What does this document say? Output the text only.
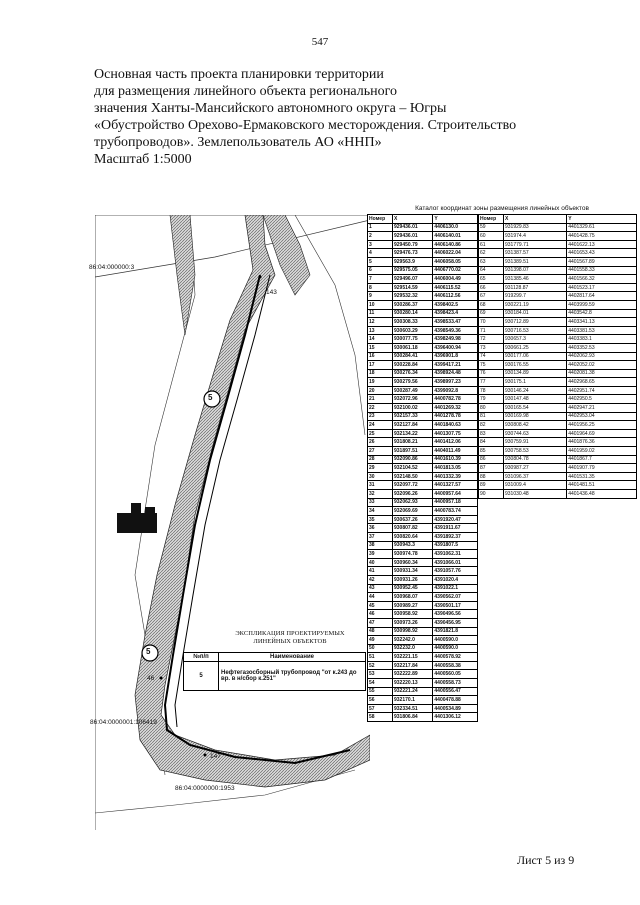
547
Основная часть проекта планировки территории
для размещения линейного объекта регионального
значения Ханты-Мансийского автономного округа – Югры
«Обустройство Орехово-Ермаковского месторождения. Строительство
трубопроводов». Землепользователь АО «ННП»
Масштаб 1:5000
86:04:000000:3
86:04:0000001:106419
86:04:0000000:1953
143
46
147
5
5
Каталог координат зоны размещения линейных объектов
Номер	X	Y
1	929436.01	4406130.0
2	929436.01	4406140.01
3	929450.79	4406140.86
4	929476.73	4406022.04
5	929563.9	4406058.05
6	929575.05	4406770.02
7	929496.07	4406004.49
8	929514.59	4406115.52
9	929532.32	4406112.56
10	930286.37	4398402.5
11	930280.14	4398423.4
12	930308.33	4398533.47
13	930603.29	4398549.36
14	930077.75	4398249.98
15	930061.18	4396400.94
16	930284.41	4396901.8
17	930228.84	4399417.21
18	930276.34	4398924.48
19	930279.56	4398997.23
20	930287.49	4399092.8
21	932072.96	4400782.78
22	932100.02	4401269.32
23	932157.33	4401278.78
24	932127.84	4401840.63
25	932134.22	4401307.75
26	931808.21	4401412.06
27	931897.51	4404011.49
28	932090.86	4401610.39
29	932104.52	4401813.05
30	932148.50	4401332.39
31	932097.72	4401327.57
32	932096.26	4400957.64
33	932062.93	4400957.18
34	932069.69	4400783.74
35	930637.26	4391920.47
36	930807.82	4391911.67
37	930820.64	4391892.37
38	930943.3	4391807.5
39	930974.78	4391062.31
40	930960.34	4391066.01
41	930931.34	4391057.76
42	930931.26	4391020.4
43	930952.45	4391022.1
44	930968.07	4390562.07
45	930989.27	4390501.17
46	930958.92	4390496.56
47	930973.26	4390456.95
48	930998.92	4391821.8
49	932242.0	4400590.0
50	932232.0	4400590.0
51	932221.15	4400578.92
52	932217.84	4400558.38
53	932222.89	4400560.05
54	932220.13	4400558.73
55	932221.24	4400556.47
56	932170.1	4400478.88
57	932334.51	4400534.89
58	931806.84	4401306.12
Номер	X	Y
59	931929.83	4401329.61
60	931974.4	4401428.75
61	931779.71	4401622.13
62	931387.57	4401653.43
63	931389.51	4401567.89
64	931398.07	4401558.33
65	931385.46	4401566.32
66	931128.87	4401523.17
67	919299.7	4402817.64
68	930221.19	4403999.59
69	930184.01	4403542.8
70	930712.89	4403341.13
71	930716.53	4403381.53
72	930657.3	4403383.1
73	930661.25	4403352.53
74	930177.06	4402062.93
75	930176.55	4402052.02
76	930134.89	4402081.38
77	930175.1	4402968.65
78	930146.24	4402951.74
79	930147.48	4402950.5
80	930165.54	4402947.21
81	930169.98	4402953.04
82	930808.42	4401956.25
83	930744.63	4401964.69
84	930759.91	4401876.36
85	930758.53	4401959.02
86	930804.78	4401867.7
87	930987.27	4401907.79
88	931096.37	4401531.35
89	931009.4	4401481.51
90	931030.48	4401436.48
ЭКСПЛИКАЦИЯ ПРОЕКТИРУЕМЫХ
ЛИНЕЙНЫХ ОБЪЕКТОВ
№п/п	Наименование
5	Нефтегазосборный трубопровод "от к.243 до вр. в н/сбор к.251"
Лист 5 из 9
